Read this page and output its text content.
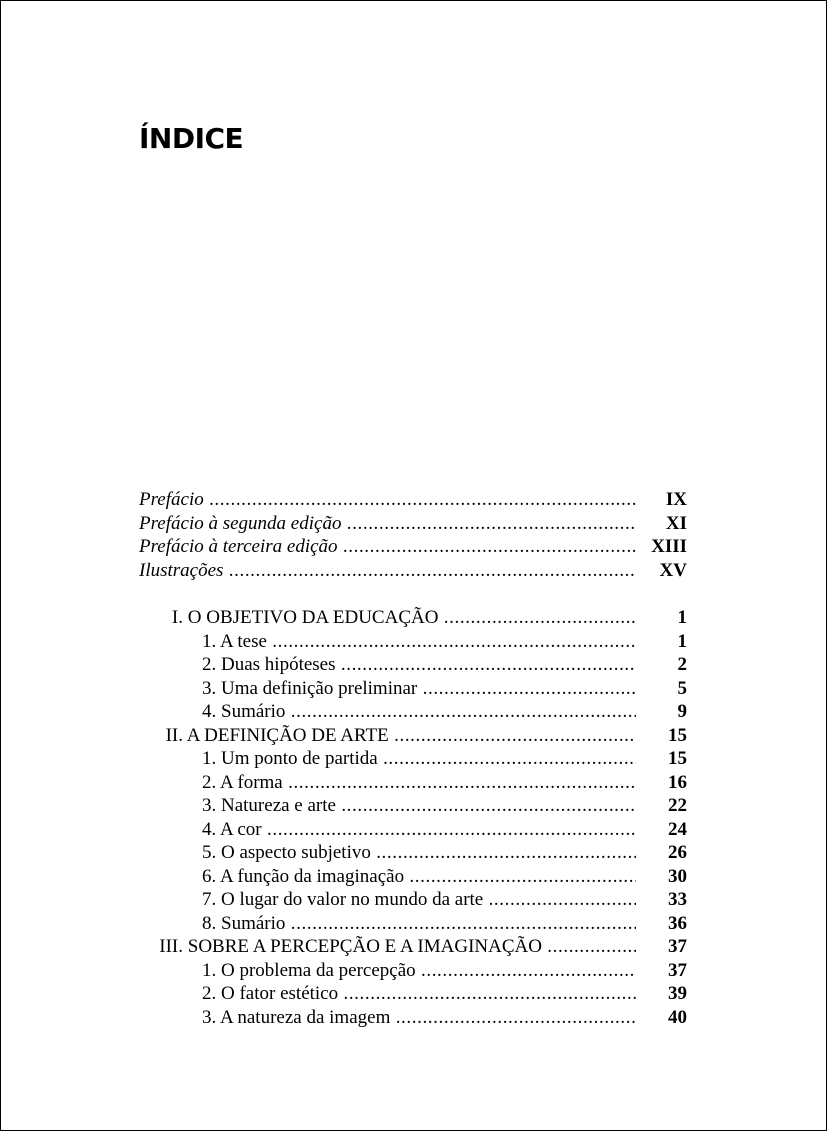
ÍNDICE
Prefácio .....	IX
Prefácio à segunda edição .....	XI
Prefácio à terceira edição .....	XIII
Ilustrações .....	XV
I. O OBJETIVO DA EDUCAÇÃO .....	1
1. A tese .....	1
2. Duas hipóteses .....	2
3. Uma definição preliminar .....	5
4. Sumário .....	9
II. A DEFINIÇÃO DE ARTE .....	15
1. Um ponto de partida .....	15
2. A forma .....	16
3. Natureza e arte .....	22
4. A cor .....	24
5. O aspecto subjetivo .....	26
6. A função da imaginação .....	30
7. O lugar do valor no mundo da arte .....	33
8. Sumário .....	36
III. SOBRE A PERCEPÇÃO E A IMAGINAÇÃO .....	37
1. O problema da percepção .....	37
2. O fator estético .....	39
3. A natureza da imagem .....	40
